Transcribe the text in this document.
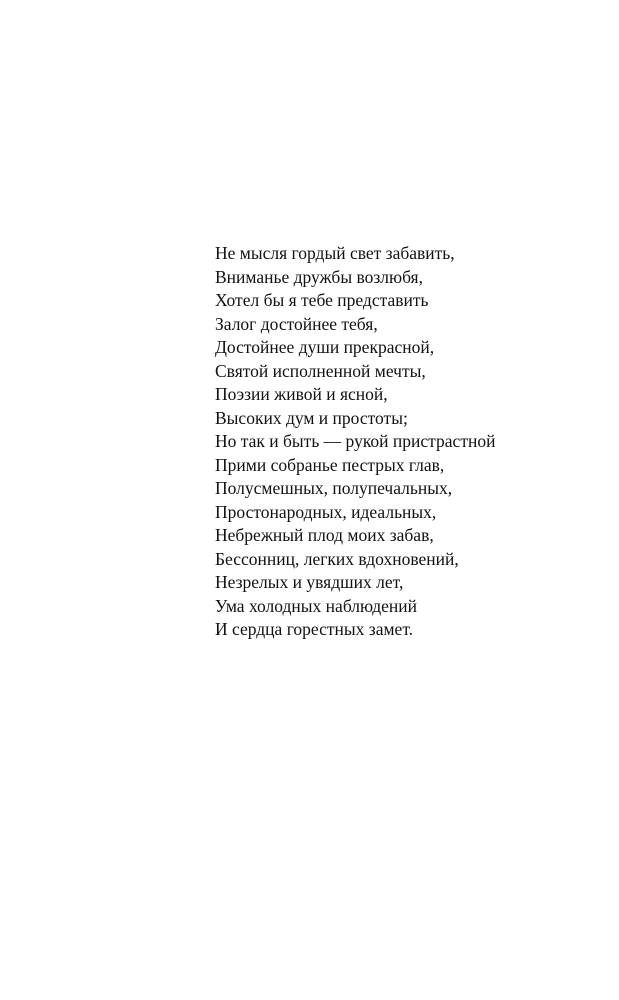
Не мысля гордый свет забавить,
Вниманье дружбы возлюбя,
Хотел бы я тебе представить
Залог достойнее тебя,
Достойнее души прекрасной,
Святой исполненной мечты,
Поэзии живой и ясной,
Высоких дум и простоты;
Но так и быть — рукой пристрастной
Прими собранье пестрых глав,
Полусмешных, полупечальных,
Простонародных, идеальных,
Небрежный плод моих забав,
Бессонниц, легких вдохновений,
Незрелых и увядших лет,
Ума холодных наблюдений
И сердца горестных замет.
